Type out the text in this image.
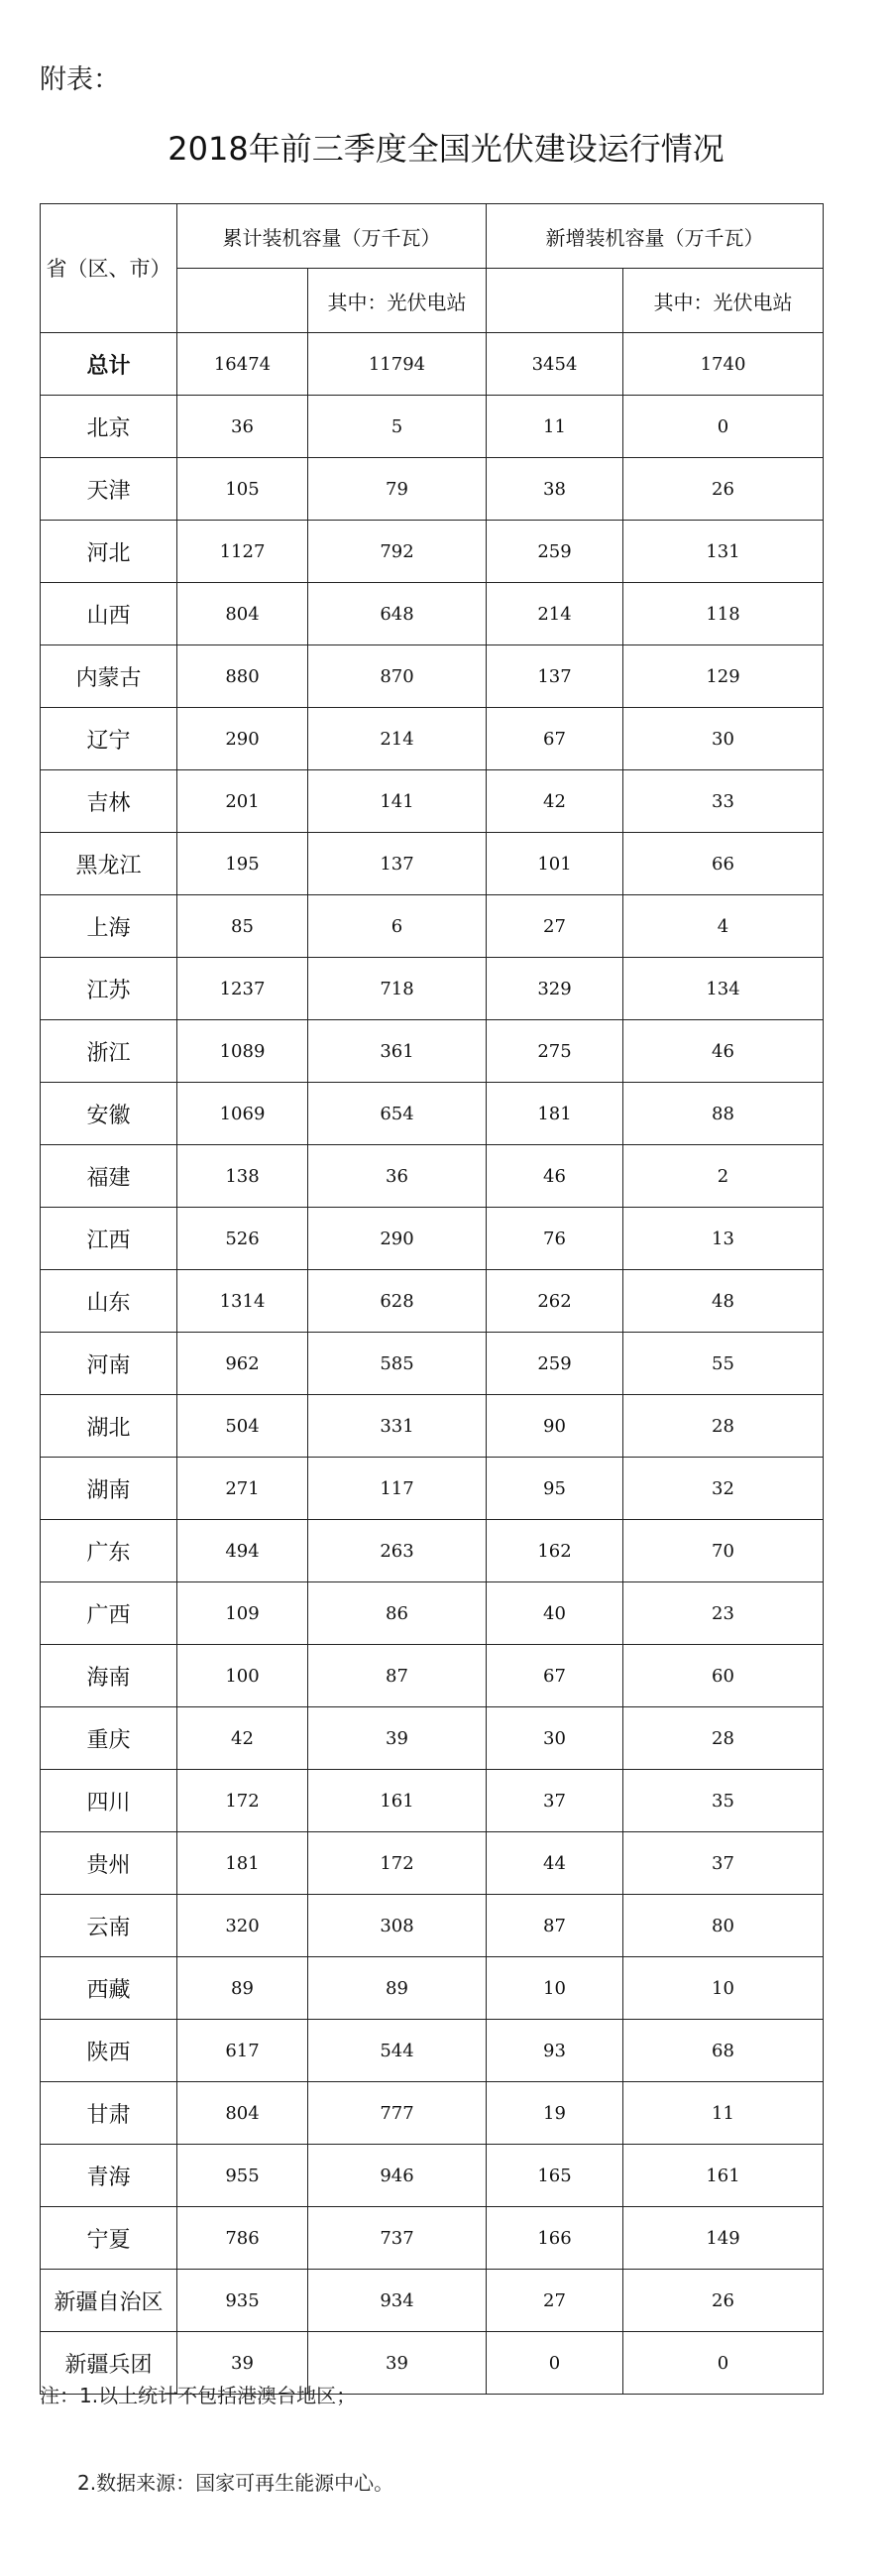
附表：
2018年前三季度全国光伏建设运行情况
省（区、市）	累计装机容量（万千瓦）		新增装机容量（万千瓦）	
		其中：光伏电站		其中：光伏电站
总计	16474	11794	3454	1740
北京	36	5	11	0
天津	105	79	38	26
河北	1127	792	259	131
山西	804	648	214	118
内蒙古	880	870	137	129
辽宁	290	214	67	30
吉林	201	141	42	33
黑龙江	195	137	101	66
上海	85	6	27	4
江苏	1237	718	329	134
浙江	1089	361	275	46
安徽	1069	654	181	88
福建	138	36	46	2
江西	526	290	76	13
山东	1314	628	262	48
河南	962	585	259	55
湖北	504	331	90	28
湖南	271	117	95	32
广东	494	263	162	70
广西	109	86	40	23
海南	100	87	67	60
重庆	42	39	30	28
四川	172	161	37	35
贵州	181	172	44	37
云南	320	308	87	80
西藏	89	89	10	10
陕西	617	544	93	68
甘肃	804	777	19	11
青海	955	946	165	161
宁夏	786	737	166	149
新疆自治区	935	934	27	26
新疆兵团	39	39	0	0
注：1.以上统计不包括港澳台地区；
2.数据来源：国家可再生能源中心。
